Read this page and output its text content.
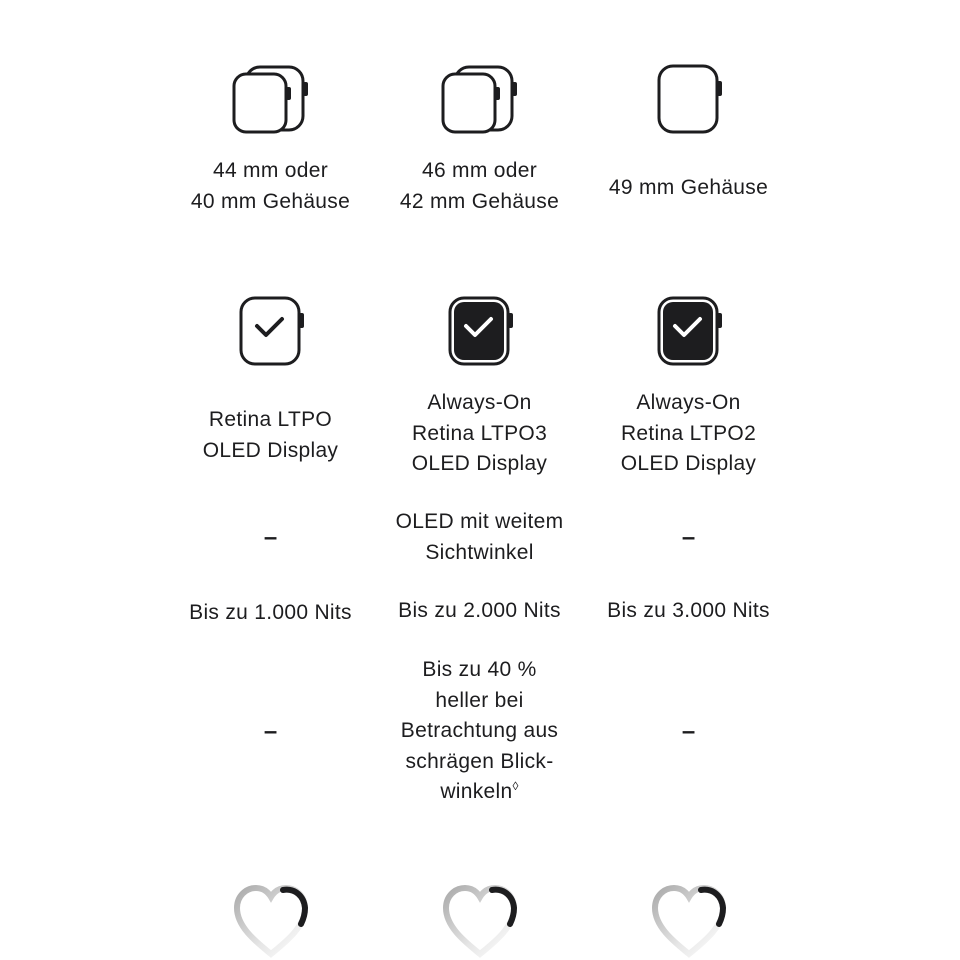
44 mm oder
40 mm Gehäuse
Retina LTPO
OLED Display
–
Bis zu 1.000 Nits
–
46 mm oder
42 mm Gehäuse
Always-On
Retina LTPO3
OLED Display
OLED mit weitem
Sichtwinkel
Bis zu 2.000 Nits
Bis zu 40 %
heller bei
Betrachtung aus
schrägen Blick-
winkeln◊
49 mm Gehäuse
Always-On
Retina LTPO2
OLED Display
–
Bis zu 3.000 Nits
–
